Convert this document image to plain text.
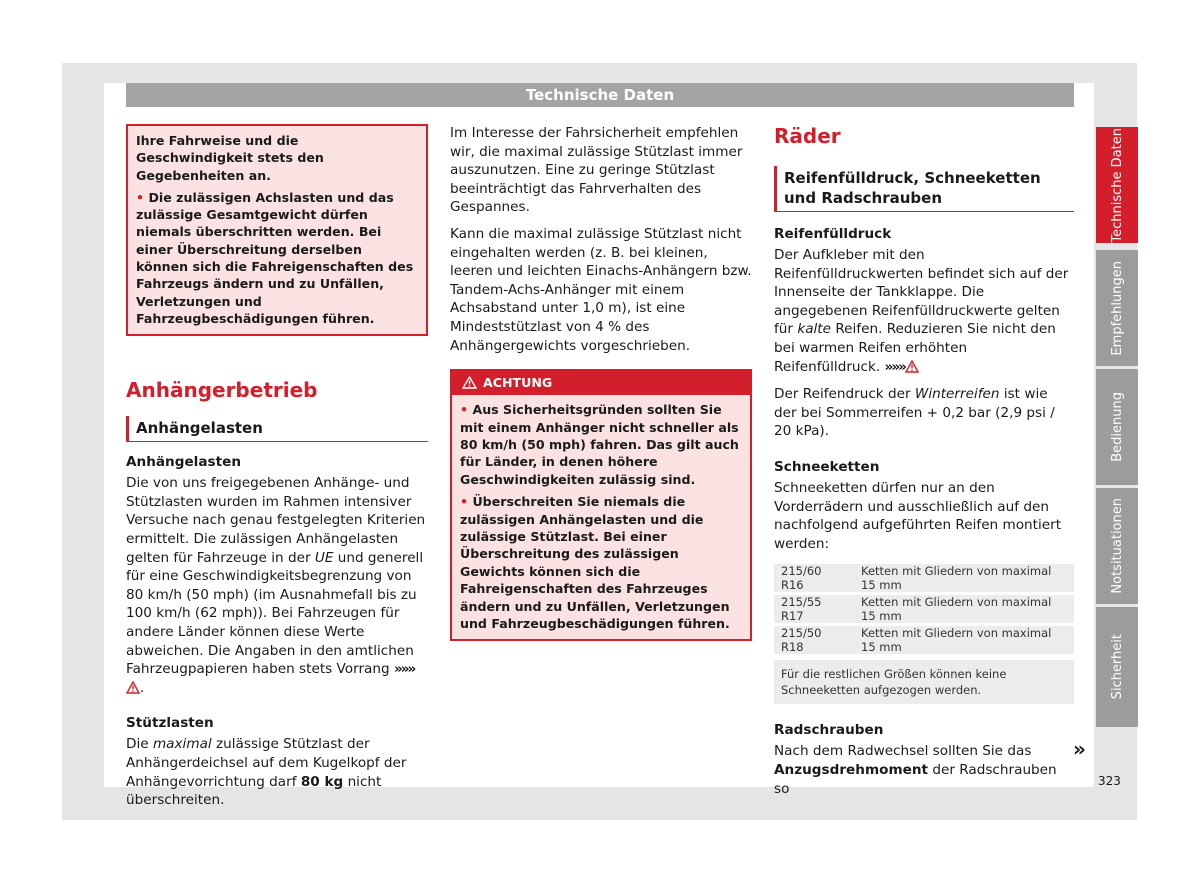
Technische Daten

Ihre Fahrweise und die Geschwindigkeit stets den Gegebenheiten an.

• Die zulässigen Achslasten und das zulässige Gesamtgewicht dürfen niemals überschritten werden. Bei einer Überschreitung derselben können sich die Fahreigenschaften des Fahrzeugs ändern und zu Unfällen, Verletzungen und Fahrzeugbeschädigungen führen.

Anhängerbetrieb
Anhängelasten
Anhängelasten

Die von uns freigegebenen Anhänge- und Stützlasten wurden im Rahmen intensiver Versuche nach genau festgelegten Kriterien ermittelt. Die zulässigen Anhängelasten gelten für Fahrzeuge in der UE und generell für eine Geschwindigkeitsbegrenzung von 80 km/h (50 mph) (im Ausnahmefall bis zu 100 km/h (62 mph)). Bei Fahrzeugen für andere Länder können diese Werte abweichen. Die Angaben in den amtlichen Fahrzeugpapieren haben stets Vorrang »»».

Stützlasten

Die maximal zulässige Stützlast der Anhängerdeichsel auf dem Kugelkopf der Anhängevorrichtung darf 80 kg nicht überschreiten.

Im Interesse der Fahrsicherheit empfehlen wir, die maximal zulässige Stützlast immer auszunutzen. Eine zu geringe Stützlast beeinträchtigt das Fahrverhalten des Gespannes.

Kann die maximal zulässige Stützlast nicht eingehalten werden (z. B. bei kleinen, leeren und leichten Einachs-Anhängern bzw. Tandem-Achs-Anhänger mit einem Achsabstand unter 1,0 m), ist eine Mindeststützlast von 4 % des Anhängergewichts vorgeschrieben.

ACHTUNG

• Aus Sicherheitsgründen sollten Sie mit einem Anhänger nicht schneller als 80 km/h (50 mph) fahren. Das gilt auch für Länder, in denen höhere Geschwindigkeiten zulässig sind.

• Überschreiten Sie niemals die zulässigen Anhängelasten und die zulässige Stützlast. Bei einer Überschreitung des zulässigen Gewichts können sich die Fahreigenschaften des Fahrzeuges ändern und zu Unfällen, Verletzungen und Fahrzeugbeschädigungen führen.

Räder
Reifenfülldruck, Schneeketten und Radschrauben
Reifenfülldruck

Der Aufkleber mit den Reifenfülldruckwerten befindet sich auf der Innenseite der Tankklappe. Die angegebenen Reifenfülldruckwerte gelten für kalte Reifen. Reduzieren Sie nicht den bei warmen Reifen erhöhten Reifenfülldruck. »»»

Der Reifendruck der Winterreifen ist wie der bei Sommerreifen + 0,2 bar (2,9 psi / 20 kPa).

Schneeketten

Schneeketten dürfen nur an den Vorderrädern und ausschließlich auf den nachfolgend aufgeführten Reifen montiert werden:

215/60 R16	Ketten mit Gliedern von maximal 15 mm
215/55 R17	Ketten mit Gliedern von maximal 15 mm
215/50 R18	Ketten mit Gliedern von maximal 15 mm
Für die restlichen Größen können keine Schneeketten aufgezogen werden.
Radschrauben

Nach dem Radwechsel sollten Sie das Anzugsdrehmoment der Radschrauben so

»
Technische Daten
Empfehlungen
Bedienung
Notsituationen
Sicherheit
323
